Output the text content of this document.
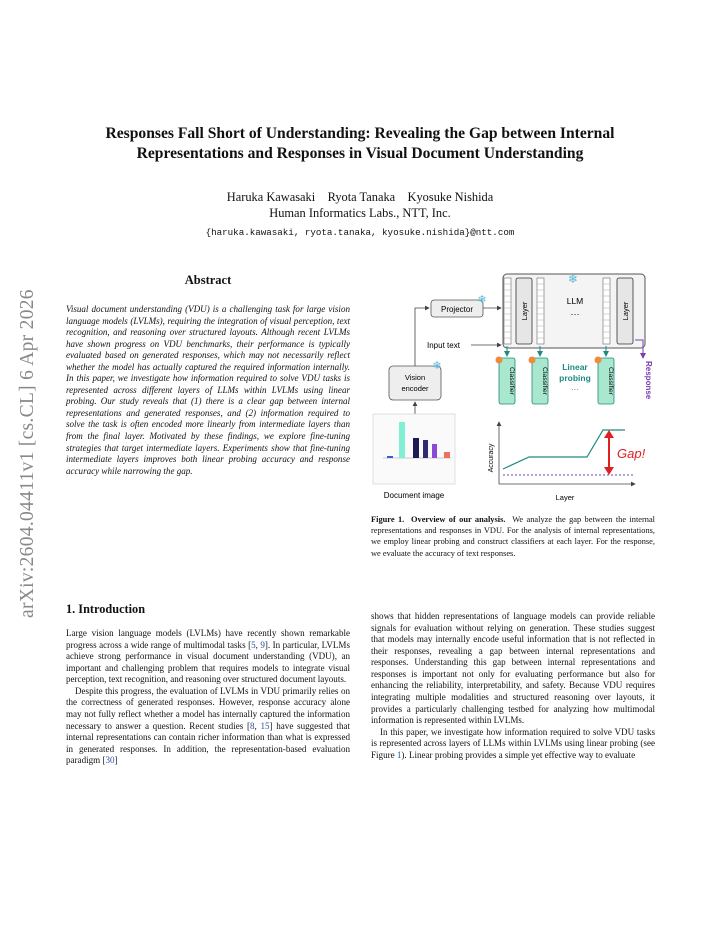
arXiv:2604.04411v1 [cs.CL] 6 Apr 2026
Responses Fall Short of Understanding: Revealing the Gap between Internal
Representations and Responses in Visual Document Understanding
Haruka Kawasaki    Ryota Tanaka    Kyosuke Nishida
Human Informatics Labs., NTT, Inc.
{haruka.kawasaki, ryota.tanaka, kyosuke.nishida}@ntt.com
Abstract
Visual document understanding (VDU) is a challenging task for large vision language models (LVLMs), requiring the integration of visual perception, text recognition, and reasoning over structured layouts. Although recent LVLMs have shown progress on VDU benchmarks, their performance is typically evaluated based on generated responses, which may not necessarily reflect whether the model has actually captured the required information internally. In this paper, we investigate how information required to solve VDU tasks is represented across different layers of LLMs within LVLMs using linear probing. Our study reveals that (1) there is a clear gap between internal representations and generated responses, and (2) information required to solve the task is often encoded more linearly from intermediate layers than from the final layer. Motivated by these findings, we explore fine-tuning strategies that target intermediate layers. Experiments show that fine-tuning intermediate layers improves both linear probing accuracy and response accuracy while narrowing the gap.
LLM
···
❄
Layer	Layer
Projector
❄
Input text
Vision
encoder
❄
Document image
Classifier	Classifier	Classifier
Linear
probing
···	Response
Accuracy
Layer
Gap!
Figure 1. Overview of our analysis. We analyze the gap between the internal representations and responses in VDU. For the analysis of internal representations, we employ linear probing and construct classifiers at each layer. For the response, we evaluate the accuracy of text responses.
1. Introduction

Large vision language models (LVLMs) have recently shown remarkable progress across a wide range of multimodal tasks [5, 9]. In particular, LVLMs achieve strong performance in visual document understanding (VDU), an important and challenging problem that requires models to integrate visual perception, text recognition, and reasoning over structured document layouts.

Despite this progress, the evaluation of LVLMs in VDU primarily relies on the correctness of generated responses. However, response accuracy alone may not fully reflect whether a model has internally captured the information necessary to answer a question. Recent studies [8, 15] have suggested that internal representations can contain richer information than what is expressed in generated responses. In addition, the representation-based evaluation paradigm [30]

shows that hidden representations of language models can provide reliable signals for evaluation without relying on generation. These studies suggest that models may internally encode useful information that is not reflected in their responses, revealing a gap between internal representations and responses. Understanding this gap between internal representations and responses is important not only for evaluating performance but also for enhancing the reliability, interpretability, and safety. Because VDU requires integrating multiple modalities and structured reasoning over layouts, it provides a particularly challenging testbed for analyzing how multimodal information is represented within LVLMs.

In this paper, we investigate how information required to solve VDU tasks is represented across layers of LLMs within LVLMs using linear probing (see Figure 1). Linear probing provides a simple yet effective way to evaluate
